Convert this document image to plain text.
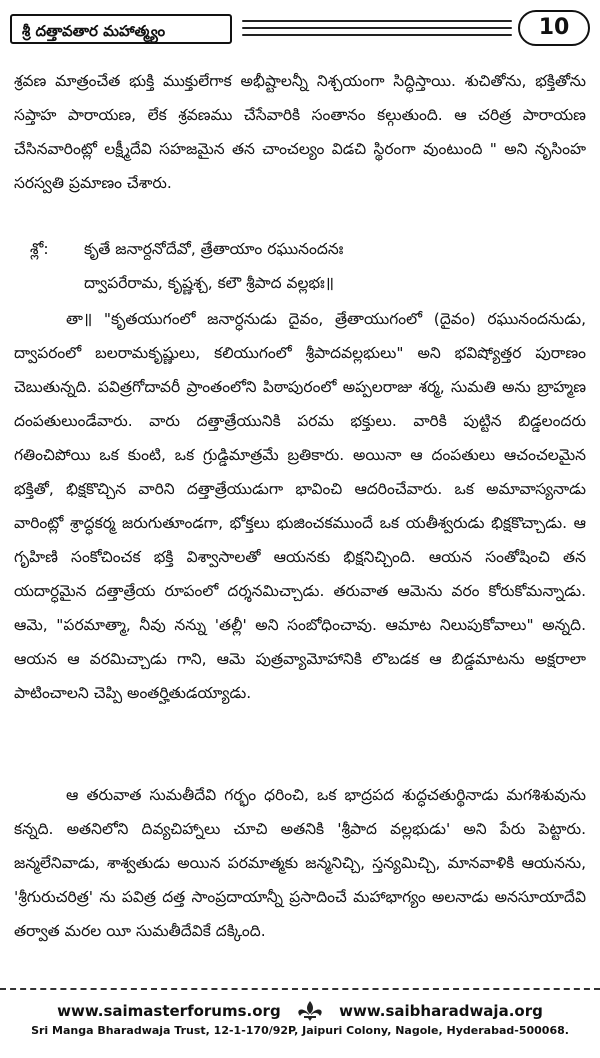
శ్రీ దత్తావతార మహాత్మ్యం	10

శ్రవణ మాత్రంచేత భుక్తి ముక్తులేగాక అభీష్టాలన్నీ నిశ్చయంగా సిద్ధిస్తాయి. శుచితోను, భక్తితోను సప్తాహ పారాయణ, లేక శ్రవణము చేసేవారికి సంతానం కల్గుతుంది. ఆ చరిత్ర పారాయణ చేసినవారింట్లో లక్ష్మీదేవి సహజమైన తన చాంచల్యం విడచి స్థిరంగా వుంటుంది " అని నృసింహ సరస్వతి ప్రమాణం చేశారు.

శ్లో: కృతే జనార్దనోదేవో, త్రేతాయాం రఘునందనః
ద్వాపరేరామ, కృష్ణశ్చ, కలౌ శ్రీపాద వల్లభః॥

తా॥ "కృతయుగంలో జనార్ధనుడు దైవం, త్రేతాయుగంలో (దైవం) రఘునందనుడు, ద్వాపరంలో బలరామకృష్ణులు, కలియుగంలో శ్రీపాదవల్లభులు" అని భవిష్యోత్తర పురాణం చెబుతున్నది. పవిత్రగోదావరీ ప్రాంతంలోని పిఠాపురంలో అప్పలరాజు శర్మ, సుమతి అను బ్రాహ్మణ దంపతులుండేవారు. వారు దత్తాత్రేయునికి పరమ భక్తులు. వారికి పుట్టిన బిడ్డలందరు గతించిపోయి ఒక కుంటి, ఒక గ్రుడ్డిమాత్రమే బ్రతికారు. అయినా ఆ దంపతులు ఆచంచలమైన భక్తితో, భిక్షకొచ్చిన వారిని దత్తాత్రేయుడుగా భావించి ఆదరించేవారు. ఒక అమావాస్యనాడు వారింట్లో శ్రాద్ధకర్మ జరుగుతూండగా, భోక్తలు భుజించకముందే ఒక యతీశ్వరుడు భిక్షకొచ్చాడు. ఆ గృహిణి సంకోచించక భక్తి విశ్వాసాలతో ఆయనకు భిక్షనిచ్చింది. ఆయన సంతోషించి తన యదార్ధమైన దత్తాత్రేయ రూపంలో దర్శనమిచ్చాడు. తరువాత ఆమెను వరం కోరుకోమన్నాడు. ఆమె, "పరమాత్మా, నీవు నన్ను 'తల్లీ' అని సంబోధించావు. ఆమాట నిలుపుకోవాలు" అన్నది. ఆయన ఆ వరమిచ్చాడు గాని, ఆమె పుత్రవ్యామోహానికి లొబడక ఆ బిడ్డమాటను అక్షరాలా పాటించాలని చెప్పి అంతర్హితుడయ్యాడు.

ఆ తరువాత సుమతీదేవి గర్భం ధరించి, ఒక భాద్రపద శుద్ధచతుర్థినాడు మగశిశువును కన్నది. అతనిలోని దివ్యచిహ్నాలు చూచి అతనికి 'శ్రీపాద వల్లభుడు' అని పేరు పెట్టారు. జన్మలేనివాడు, శాశ్వతుడు అయిన పరమాత్మకు జన్మనిచ్చి, స్తన్యమిచ్చి, మానవాళికి ఆయనను, 'శ్రీగురుచరిత్ర' ను పవిత్ర దత్త సాంప్రదాయాన్నీ ప్రసాదించే మహాభాగ్యం అలనాడు అనసూయాదేవి తర్వాత మరల యీ సుమతీదేవికే దక్కింది.

www.saimasterforums.org	www.saibharadwaja.org
Sri Manga Bharadwaja Trust, 12-1-170/92P, Jaipuri Colony, Nagole, Hyderabad-500068.
